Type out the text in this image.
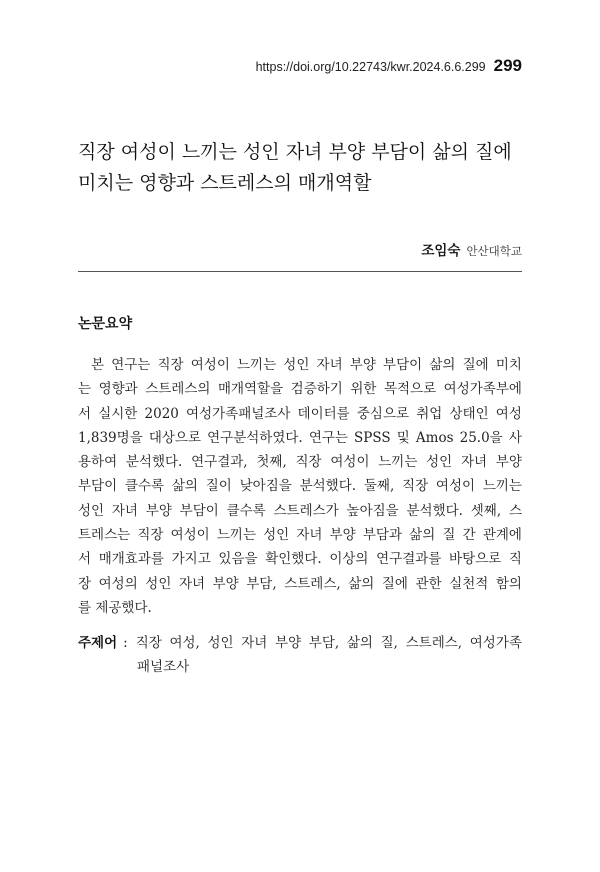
https://doi.org/10.22743/kwr.2024.6.6.299 299
직장 여성이 느끼는 성인 자녀 부양 부담이 삶의 질에
미치는 영향과 스트레스의 매개역할
조임숙 안산대학교
논문요약
본 연구는 직장 여성이 느끼는 성인 자녀 부양 부담이 삶의 질에 미치
는 영향과 스트레스의 매개역할을 검증하기 위한 목적으로 여성가족부에
서 실시한 2020 여성가족패널조사 데이터를 중심으로 취업 상태인 여성
1,839명을 대상으로 연구분석하였다. 연구는 SPSS 및 Amos 25.0을 사
용하여 분석했다. 연구결과, 첫째, 직장 여성이 느끼는 성인 자녀 부양
부담이 클수록 삶의 질이 낮아짐을 분석했다. 둘째, 직장 여성이 느끼는
성인 자녀 부양 부담이 클수록 스트레스가 높아짐을 분석했다. 셋째, 스
트레스는 직장 여성이 느끼는 성인 자녀 부양 부담과 삶의 질 간 관계에
서 매개효과를 가지고 있음을 확인했다. 이상의 연구결과를 바탕으로 직
장 여성의 성인 자녀 부양 부담, 스트레스, 삶의 질에 관한 실천적 함의
를 제공했다.
주제어 : 직장 여성, 성인 자녀 부양 부담, 삶의 질, 스트레스, 여성가족
패널조사
